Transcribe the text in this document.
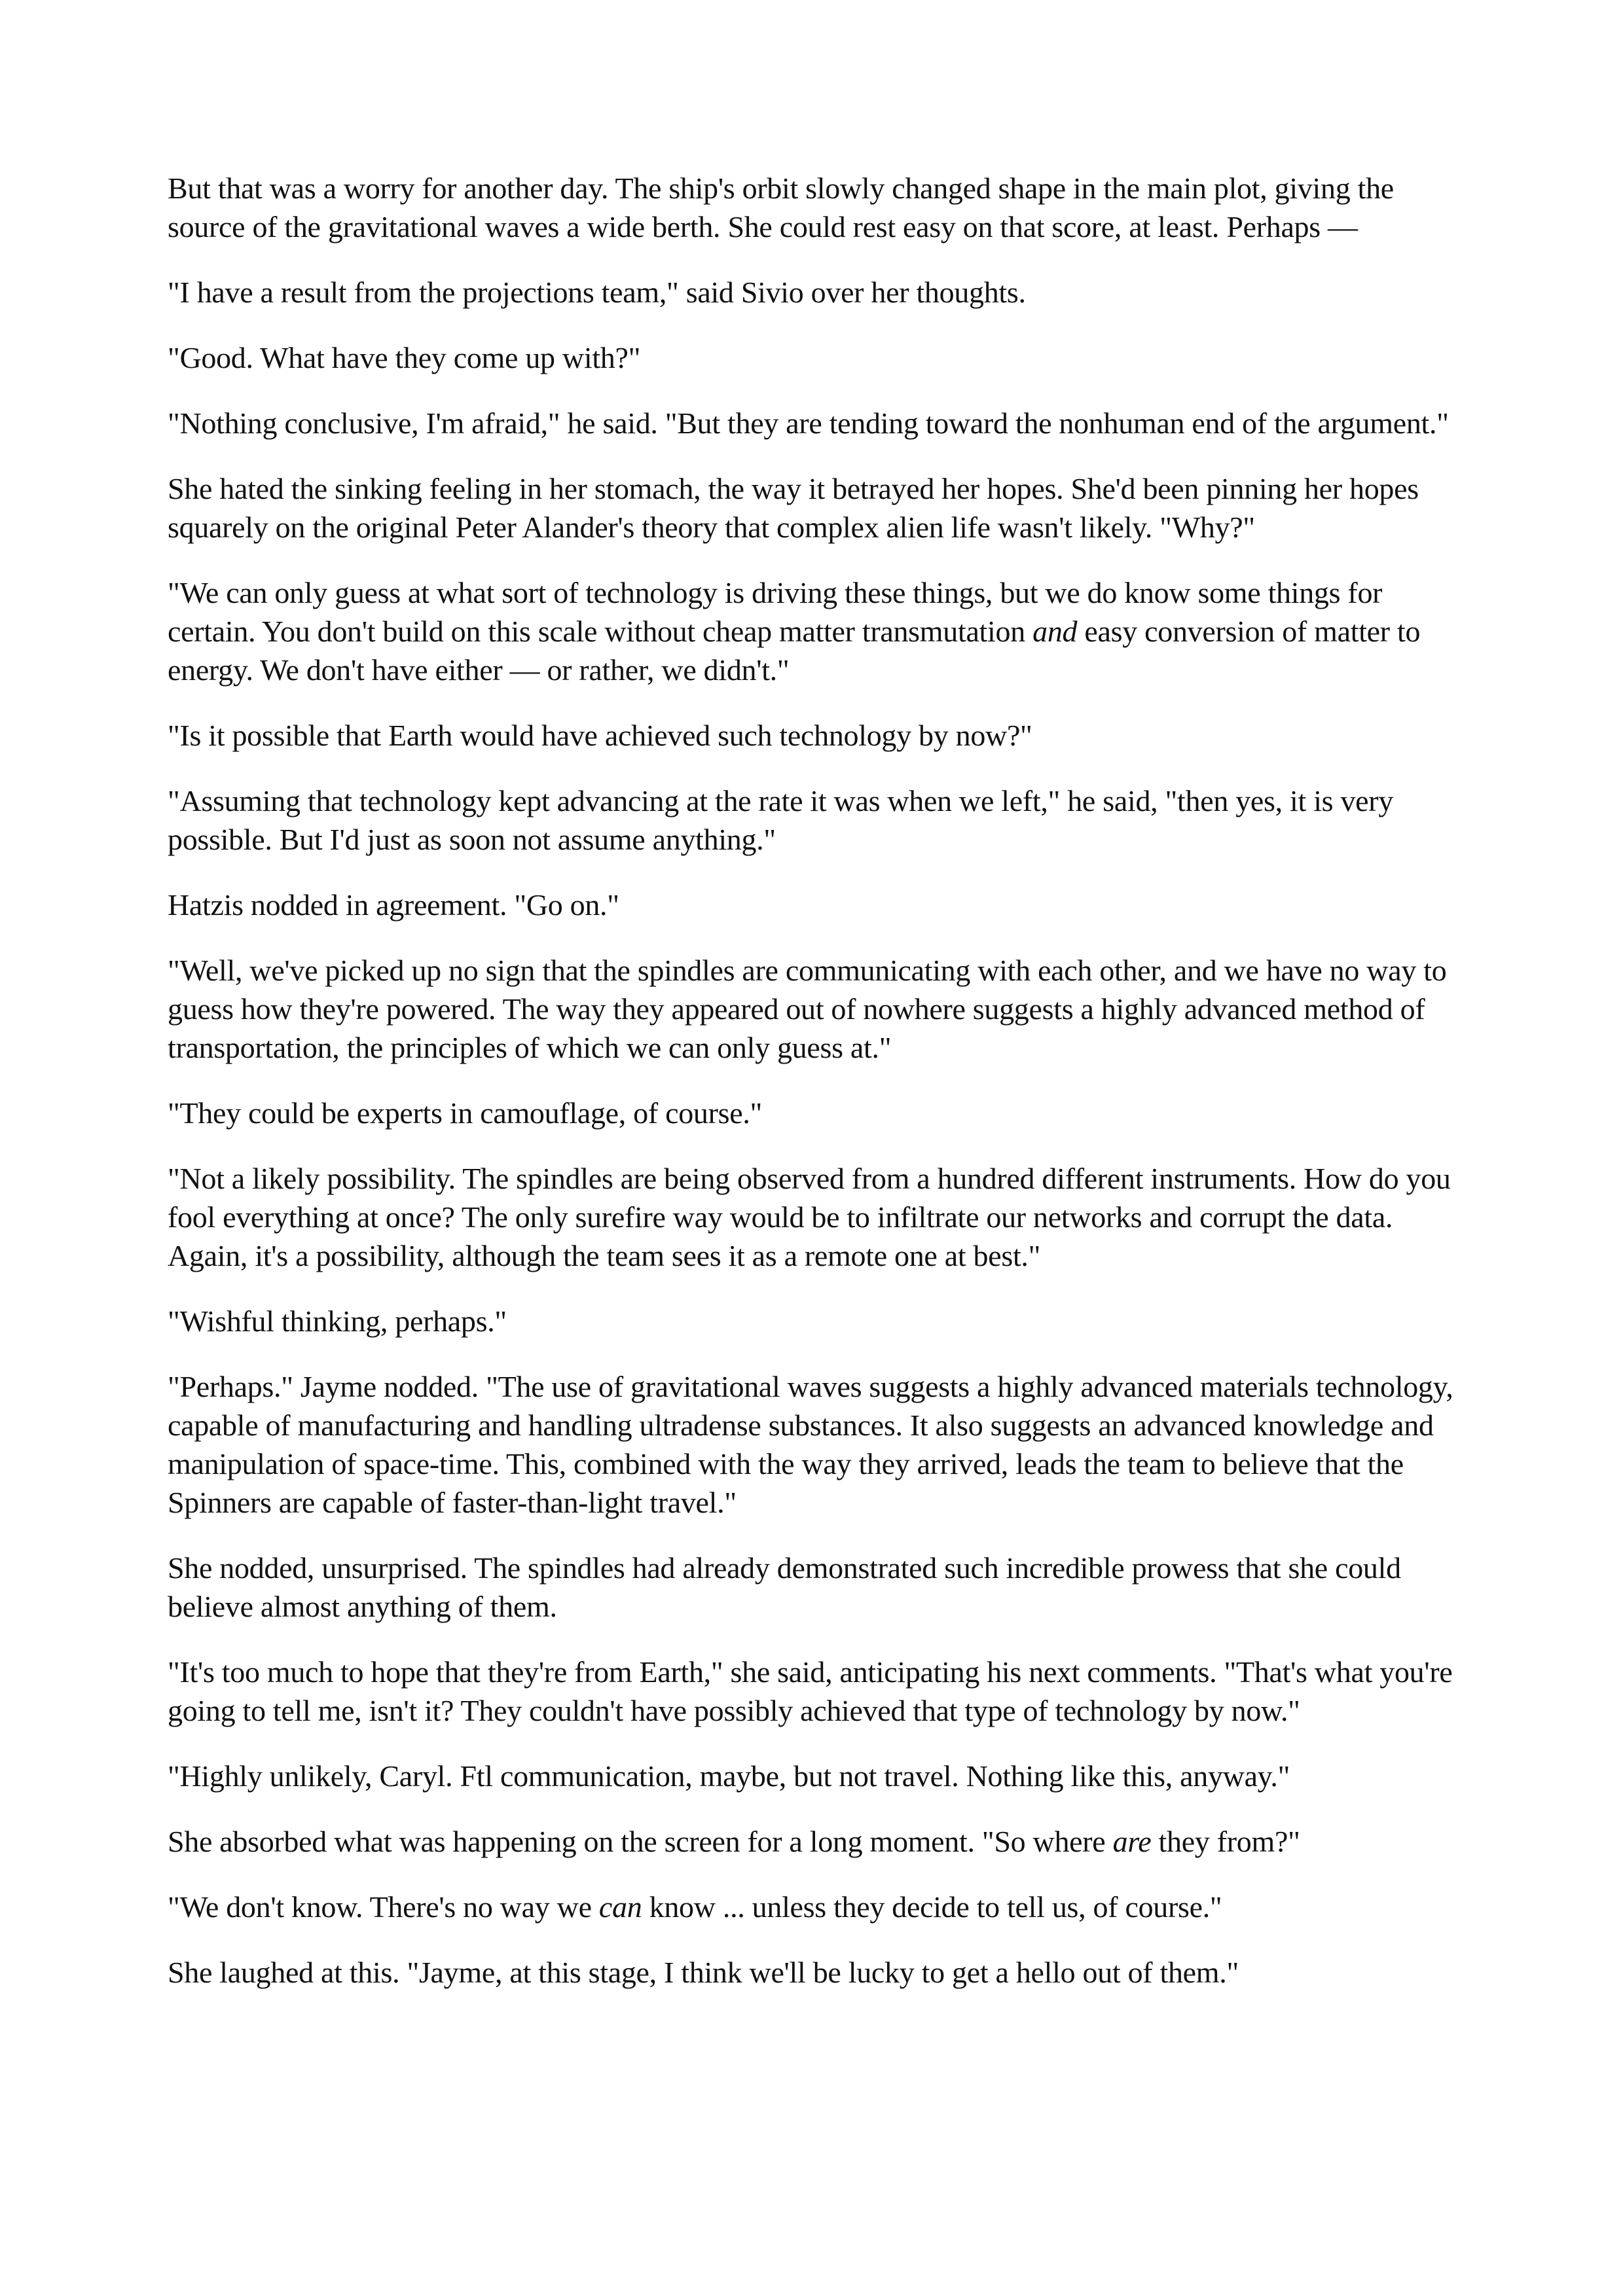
But that was a worry for another day. The ship's orbit slowly changed shape in the main plot, giving the source of the gravitational waves a wide berth. She could rest easy on that score, at least. Perhaps —

"I have a result from the projections team," said Sivio over her thoughts.

"Good. What have they come up with?"

"Nothing conclusive, I'm afraid," he said. "But they are tending toward the nonhuman end of the argument."

She hated the sinking feeling in her stomach, the way it betrayed her hopes. She'd been pinning her hopes squarely on the original Peter Alander's theory that complex alien life wasn't likely. "Why?"

"We can only guess at what sort of technology is driving these things, but we do know some things for certain. You don't build on this scale without cheap matter transmutation and easy conversion of matter to energy. We don't have either — or rather, we didn't."

"Is it possible that Earth would have achieved such technology by now?"

"Assuming that technology kept advancing at the rate it was when we left," he said, "then yes, it is very possible. But I'd just as soon not assume anything."

Hatzis nodded in agreement. "Go on."

"Well, we've picked up no sign that the spindles are communicating with each other, and we have no way to guess how they're powered. The way they appeared out of nowhere suggests a highly advanced method of transportation, the principles of which we can only guess at."

"They could be experts in camouflage, of course."

"Not a likely possibility. The spindles are being observed from a hundred different instruments. How do you fool everything at once? The only surefire way would be to infiltrate our networks and corrupt the data. Again, it's a possibility, although the team sees it as a remote one at best."

"Wishful thinking, perhaps."

"Perhaps." Jayme nodded. "The use of gravitational waves suggests a highly advanced materials technology, capable of manufacturing and handling ultradense substances. It also suggests an advanced knowledge and manipulation of space-time. This, combined with the way they arrived, leads the team to believe that the Spinners are capable of faster-than-light travel."

She nodded, unsurprised. The spindles had already demonstrated such incredible prowess that she could believe almost anything of them.

"It's too much to hope that they're from Earth," she said, anticipating his next comments. "That's what you're going to tell me, isn't it? They couldn't have possibly achieved that type of technology by now."

"Highly unlikely, Caryl. Ftl communication, maybe, but not travel. Nothing like this, anyway."

She absorbed what was happening on the screen for a long moment. "So where are they from?"

"We don't know. There's no way we can know ... unless they decide to tell us, of course."

She laughed at this. "Jayme, at this stage, I think we'll be lucky to get a hello out of them."
